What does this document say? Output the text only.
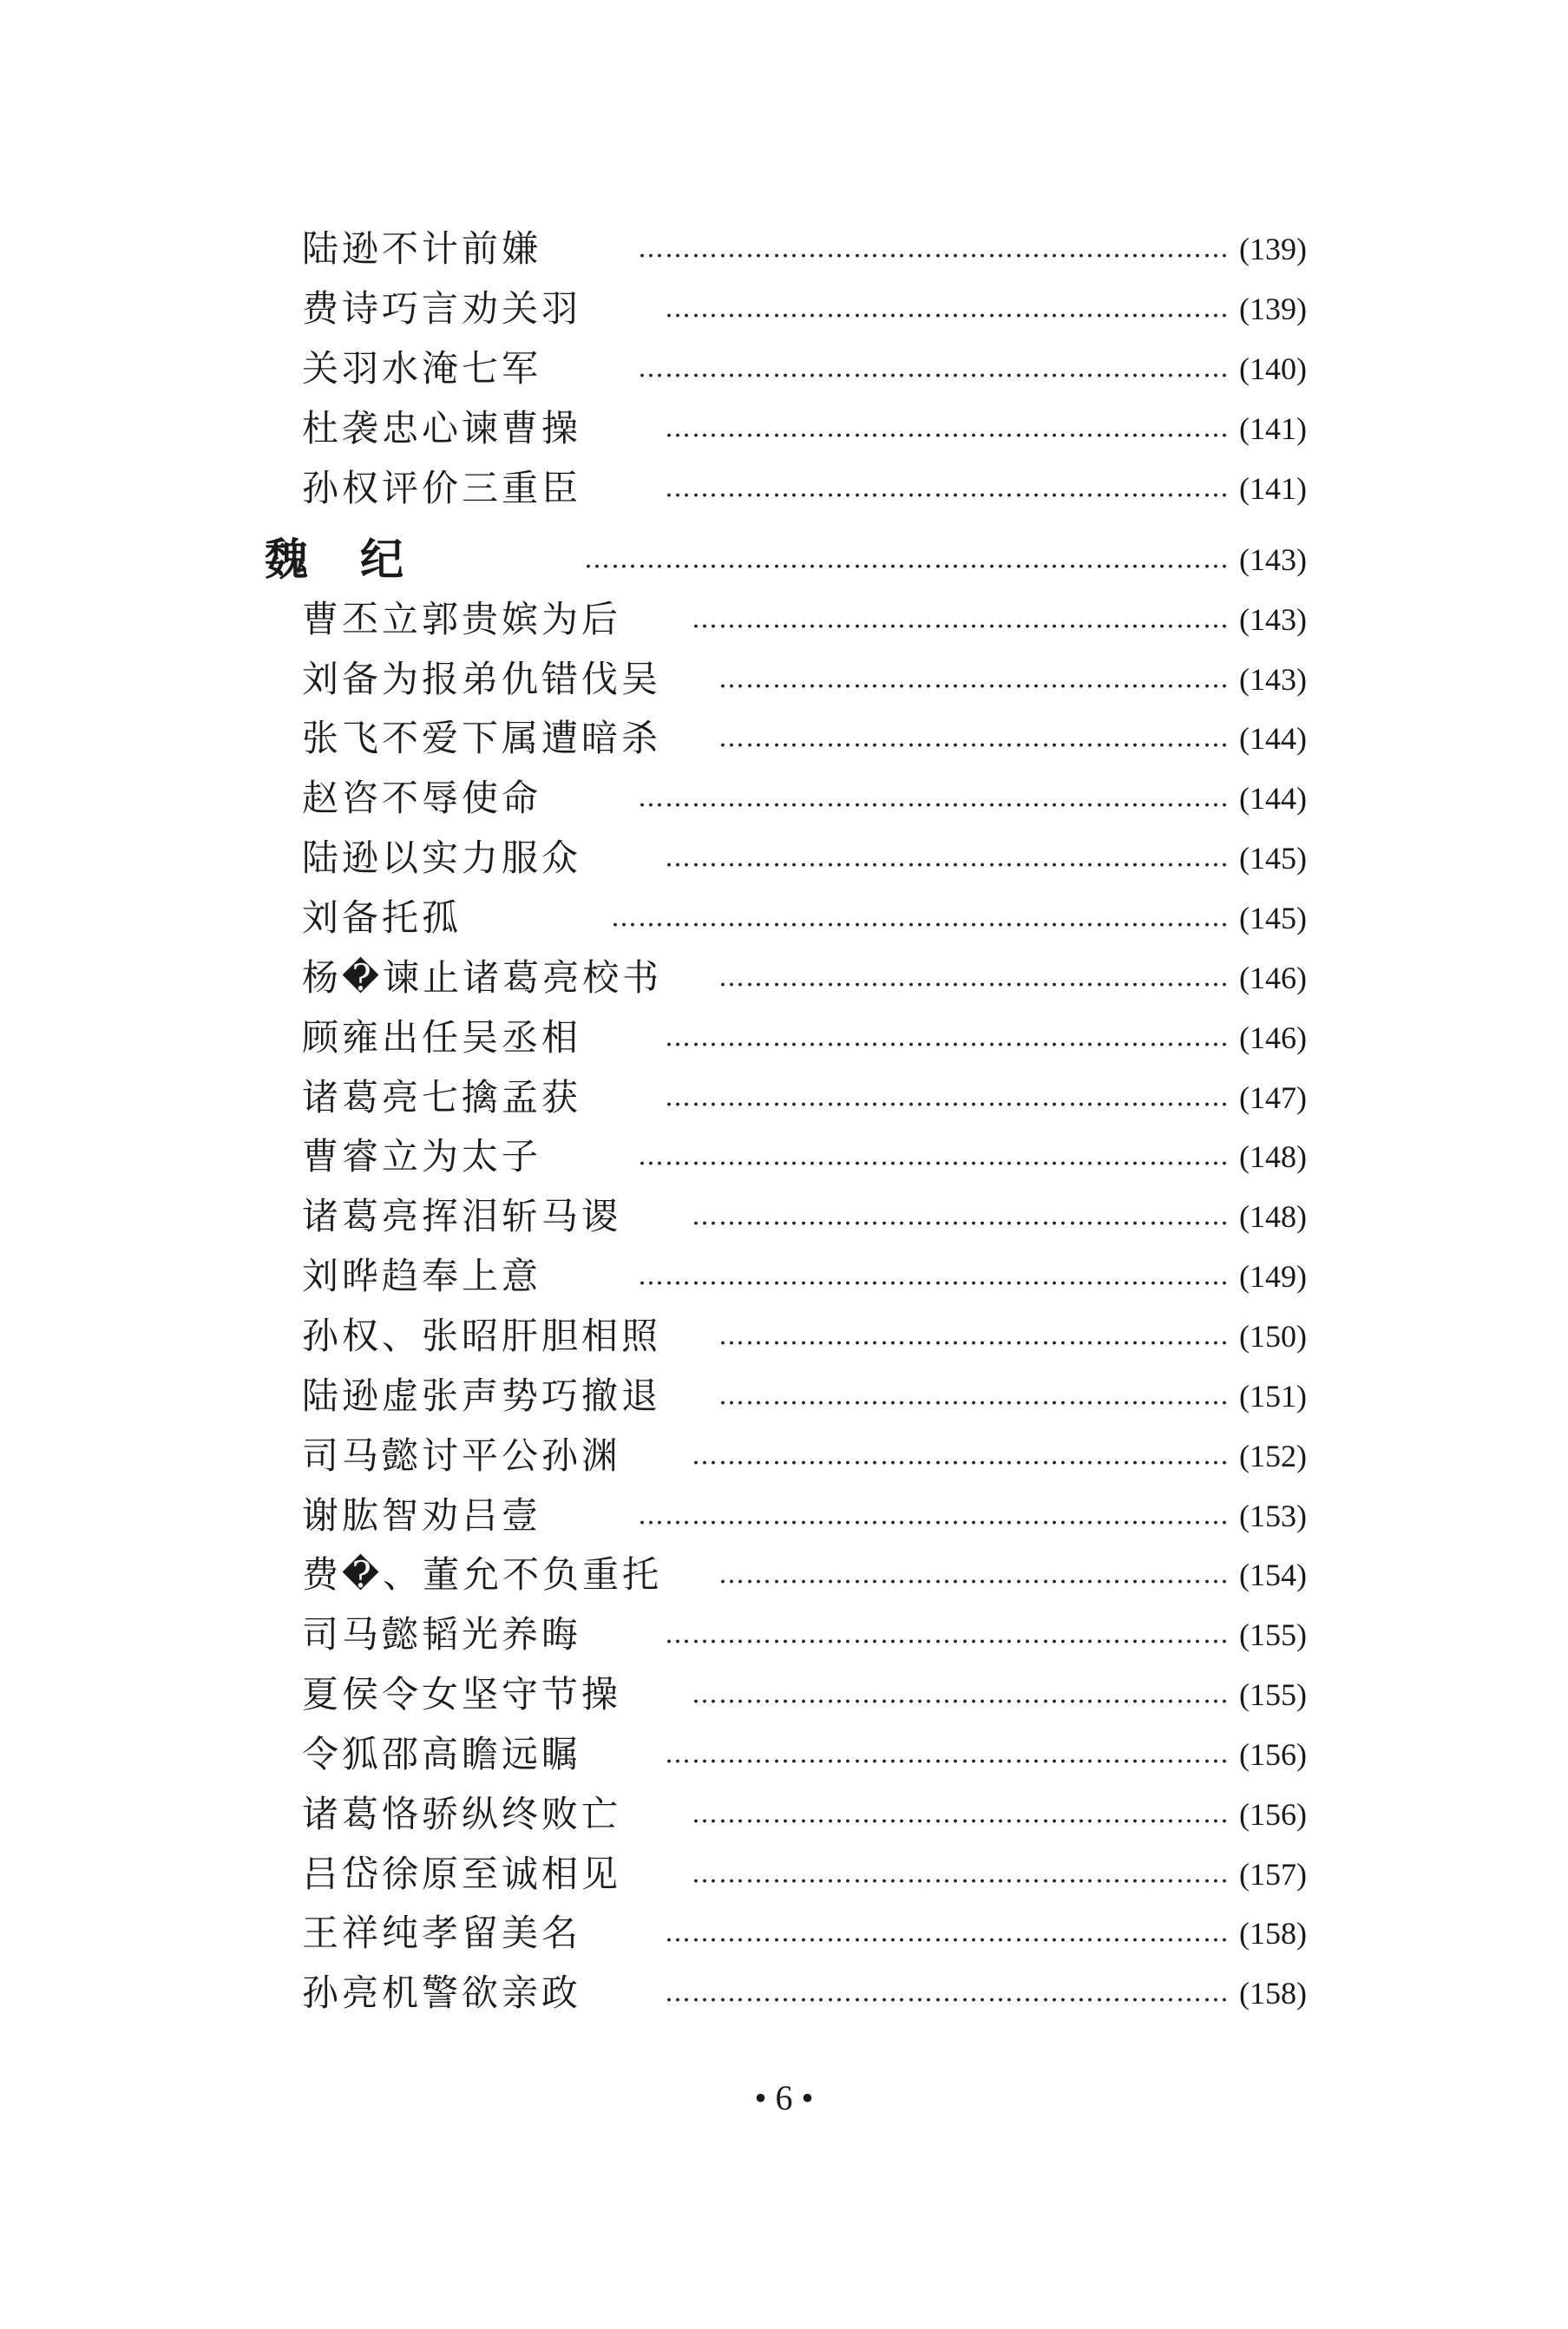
陆逊不计前嫌	………………………………………………………… (139)
费诗巧言劝关羽	……………………………………………………… (139)
关羽水淹七军	………………………………………………………… (140)
杜袭忠心谏曹操	……………………………………………………… (141)
孙权评价三重臣	……………………………………………………… (141)
魏 纪	……………………………………………………………… (143)
曹丕立郭贵嫔为后	…………………………………………………… (143)
刘备为报弟仇错伐吴	………………………………………………… (143)
张飞不爱下属遭暗杀	………………………………………………… (144)
赵咨不辱使命	………………………………………………………… (144)
陆逊以实力服众	……………………………………………………… (145)
刘备托孤	…………………………………………………………… (145)
杨�谏止诸葛亮校书	………………………………………………… (146)
顾雍出任吴丞相	……………………………………………………… (146)
诸葛亮七擒孟获	……………………………………………………… (147)
曹睿立为太子	………………………………………………………… (148)
诸葛亮挥泪斩马谡	…………………………………………………… (148)
刘晔趋奉上意	………………………………………………………… (149)
孙权、张昭肝胆相照	………………………………………………… (150)
陆逊虚张声势巧撤退	………………………………………………… (151)
司马懿讨平公孙渊	…………………………………………………… (152)
谢肱智劝吕壹	………………………………………………………… (153)
费�、董允不负重托	………………………………………………… (154)
司马懿韬光养晦	……………………………………………………… (155)
夏侯令女坚守节操	…………………………………………………… (155)
令狐邵高瞻远瞩	……………………………………………………… (156)
诸葛恪骄纵终败亡	…………………………………………………… (156)
吕岱徐原至诚相见	…………………………………………………… (157)
王祥纯孝留美名	……………………………………………………… (158)
孙亮机警欲亲政	……………………………………………………… (158)
• 6 •
